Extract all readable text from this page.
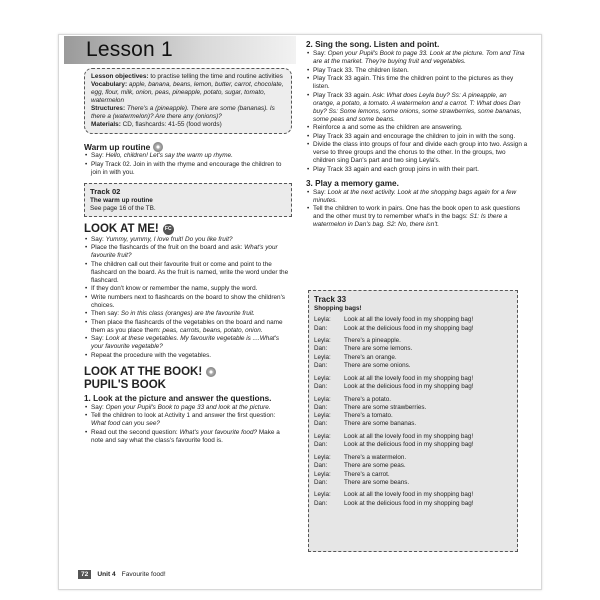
Lesson 1
Lesson objectives: to practise telling the time and routine activities
Vocabulary: apple, banana, beans, lemon, butter, carrot, chocolate, egg, flour, milk, onion, peas, pineapple, potato, sugar, tomato, watermelon
Structures: There's a (pineapple). There are some (bananas). Is there a (watermelon)? Are there any (onions)?
Materials: CD, flashcards: 41-55 (food words)
Warm up routine
• Say: Hello, children! Let's say the warm up rhyme.
• Play Track 02. Join in with the rhyme and encourage the children to join in with you.
Track 02
The warm up routine
See page 16 of the TB.
LOOK AT ME!	FC
• Say: Yummy, yummy, I love fruit! Do you like fruit?
• Place the flashcards of the fruit on the board and ask: What's your favourite fruit?
• The children call out their favourite fruit or come and point to the flashcard on the board. As the fruit is named, write the word under the flashcard.
• If they don't know or remember the name, supply the word.
• Write numbers next to flashcards on the board to show the children's choices.
• Then say: So in this class (oranges) are the favourite fruit.
• Then place the flashcards of the vegetables on the board and name them as you place them: peas, carrots, beans, potato, onion.
• Say: Look at these vegetables. My favourite vegetable is ....What's your favourite vegetable?
• Repeat the procedure with the vegetables.
LOOK AT THE BOOK!
PUPIL'S BOOK
1. Look at the picture and answer the questions.
• Say: Open your Pupil's Book to page 33 and look at the picture.
• Tell the children to look at Activity 1 and answer the first question: What food can you see?
• Read out the second question: What's your favourite food? Make a note and say what the class's favourite food is.
2. Sing the song. Listen and point.
• Say: Open your Pupil's Book to page 33. Look at the picture. Tom and Tina are at the market. They're buying fruit and vegetables.
• Play Track 33. The children listen.
• Play Track 33 again. This time the children point to the pictures as they listen.
• Play Track 33 again. Ask: What does Leyla buy? Ss: A pineapple, an orange, a potato, a tomato. A watermelon and a carrot. T: What does Dan buy? Ss: Some lemons, some onions, some strawberries, some bananas, some peas and some beans.
• Reinforce a and some as the children are answering.
• Play Track 33 again and encourage the children to join in with the song.
• Divide the class into groups of four and divide each group into two. Assign a verse to three groups and the chorus to the other. In the groups, two children sing Dan's part and two sing Leyla's.
• Play Track 33 again and each group joins in with their part.
3. Play a memory game.
• Say: Look at the next activity. Look at the shopping bags again for a few minutes.
• Tell the children to work in pairs. One has the book open to ask questions and the other must try to remember what's in the bags: S1: Is there a watermelon in Dan's bag. S2: No, there isn't.
Track 33
Shopping bags!
Leyla:	Look at all the lovely food in my shopping bag!
Dan:	Look at the delicious food in my shopping bag!
Leyla:	There's a pineapple.
Dan:	There are some lemons.
Leyla:	There's an orange.
Dan:	There are some onions.
Leyla:	Look at all the lovely food in my shopping bag!
Dan:	Look at the delicious food in my shopping bag!
Leyla:	There's a potato.
Dan:	There are some strawberries.
Leyla:	There's a tomato.
Dan:	There are some bananas.
Leyla:	Look at all the lovely food in my shopping bag!
Dan:	Look at the delicious food in my shopping bag!
Leyla:	There's a watermelon.
Dan:	There are some peas.
Leyla:	There's a carrot.
Dan:	There are some beans.
Leyla:	Look at all the lovely food in my shopping bag!
Dan:	Look at the delicious food in my shopping bag!
72	Unit 4 Favourite food!
